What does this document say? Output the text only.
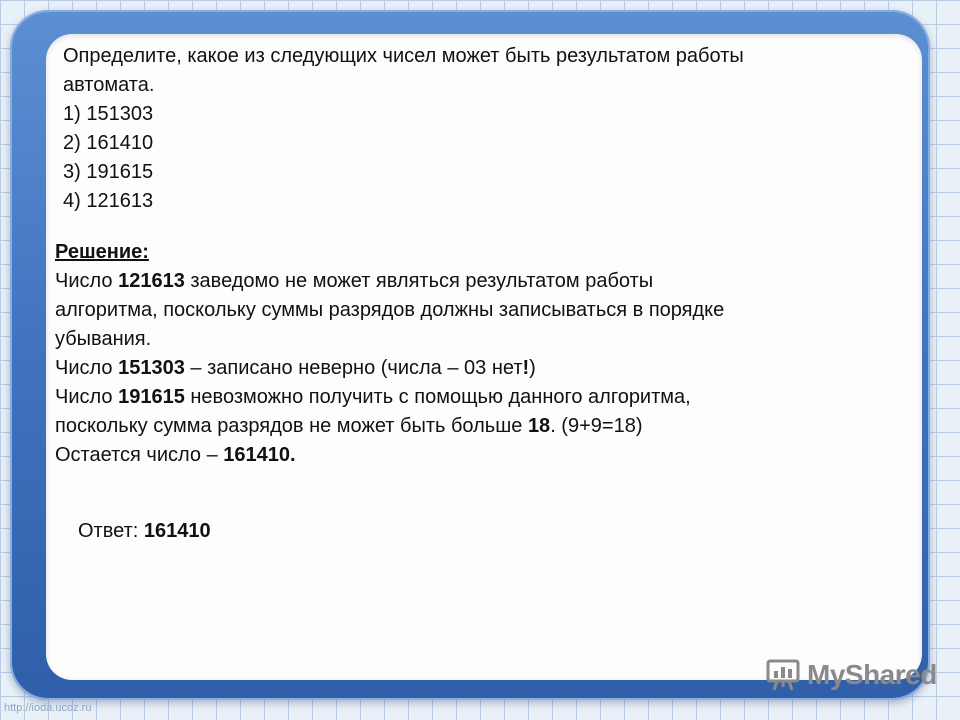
Определите, какое из следующих чисел может быть результатом работы
автомата.
1) 151303
2) 161410
3) 191615
4) 121613
Решение:
Число 121613 заведомо не может являться результатом работы
алгоритма, поскольку суммы разрядов должны записываться в порядке
убывания.
Число 151303 – записано неверно (числа – 03 нет!)
Число 191615 невозможно получить с помощью данного алгоритма,
поскольку сумма разрядов не может быть больше 18. (9+9=18)
Остается число – 161410.
Ответ: 161410
MyShared
http://ioda.ucoz.ru
